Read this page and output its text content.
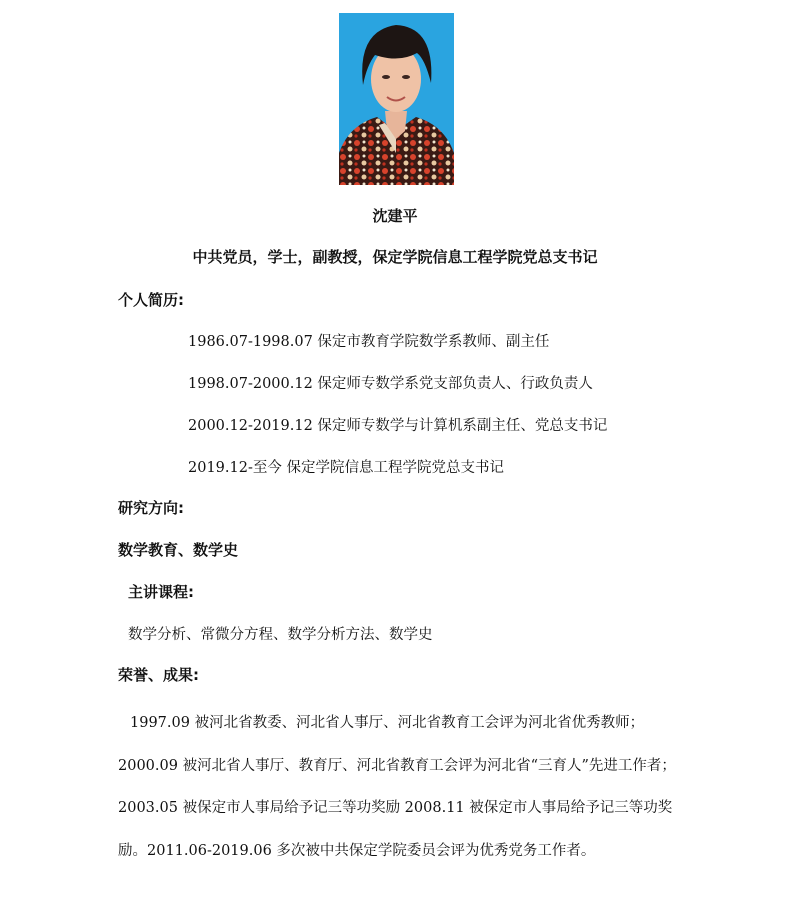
沈建平
中共党员，学士，副教授，保定学院信息工程学院党总支书记
个人简历:
1986.07-1998.07 保定市教育学院数学系教师、副主任
1998.07-2000.12 保定师专数学系党支部负责人、行政负责人
2000.12-2019.12 保定师专数学与计算机系副主任、党总支书记
2019.12-至今 保定学院信息工程学院党总支书记
研究方向:
数学教育、数学史
主讲课程:
数学分析、常微分方程、数学分析方法、数学史
荣誉、成果:
1997.09 被河北省教委、河北省人事厅、河北省教育工会评为河北省优秀教师；2000.09 被河北省人事厅、教育厅、河北省教育工会评为河北省“三育人”先进工作者；2003.05 被保定市人事局给予记三等功奖励 2008.11 被保定市人事局给予记三等功奖励。2011.06-2019.06 多次被中共保定学院委员会评为优秀党务工作者。
